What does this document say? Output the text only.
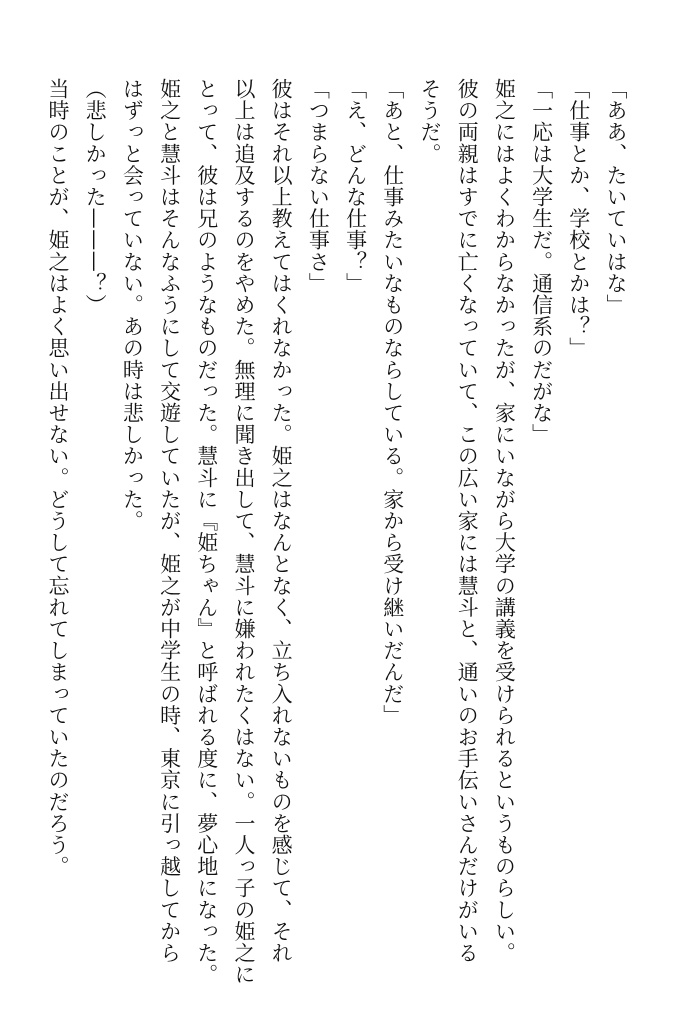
「ああ、たいていはな」
「仕事とか、学校とかは？」
「一応は大学生だ。通信系のだがな」
姫之にはよくわからなかったが、家にいながら大学の講義を受けられるというものらしい。
彼の両親はすでに亡くなっていて、この広い家には慧斗と、通いのお手伝いさんだけがいる
そうだ。
「あと、仕事みたいなものならしている。家から受け継いだんだ」
「え、どんな仕事？」
「つまらない仕事さ」
彼はそれ以上教えてはくれなかった。姫之はなんとなく、立ち入れないものを感じて、それ
以上は追及するのをやめた。無理に聞き出して、慧斗に嫌われたくはない。一人っ子の姫之に
とって、彼は兄のようなものだった。慧斗に『姫ちゃん』と呼ばれる度に、夢心地になった。
姫之と慧斗はそんなふうにして交遊していたが、姫之が中学生の時、東京に引っ越してから
はずっと会っていない。あの時は悲しかった。
（悲しかった———？）
当時のことが、姫之はよく思い出せない。どうして忘れてしまっていたのだろう。
